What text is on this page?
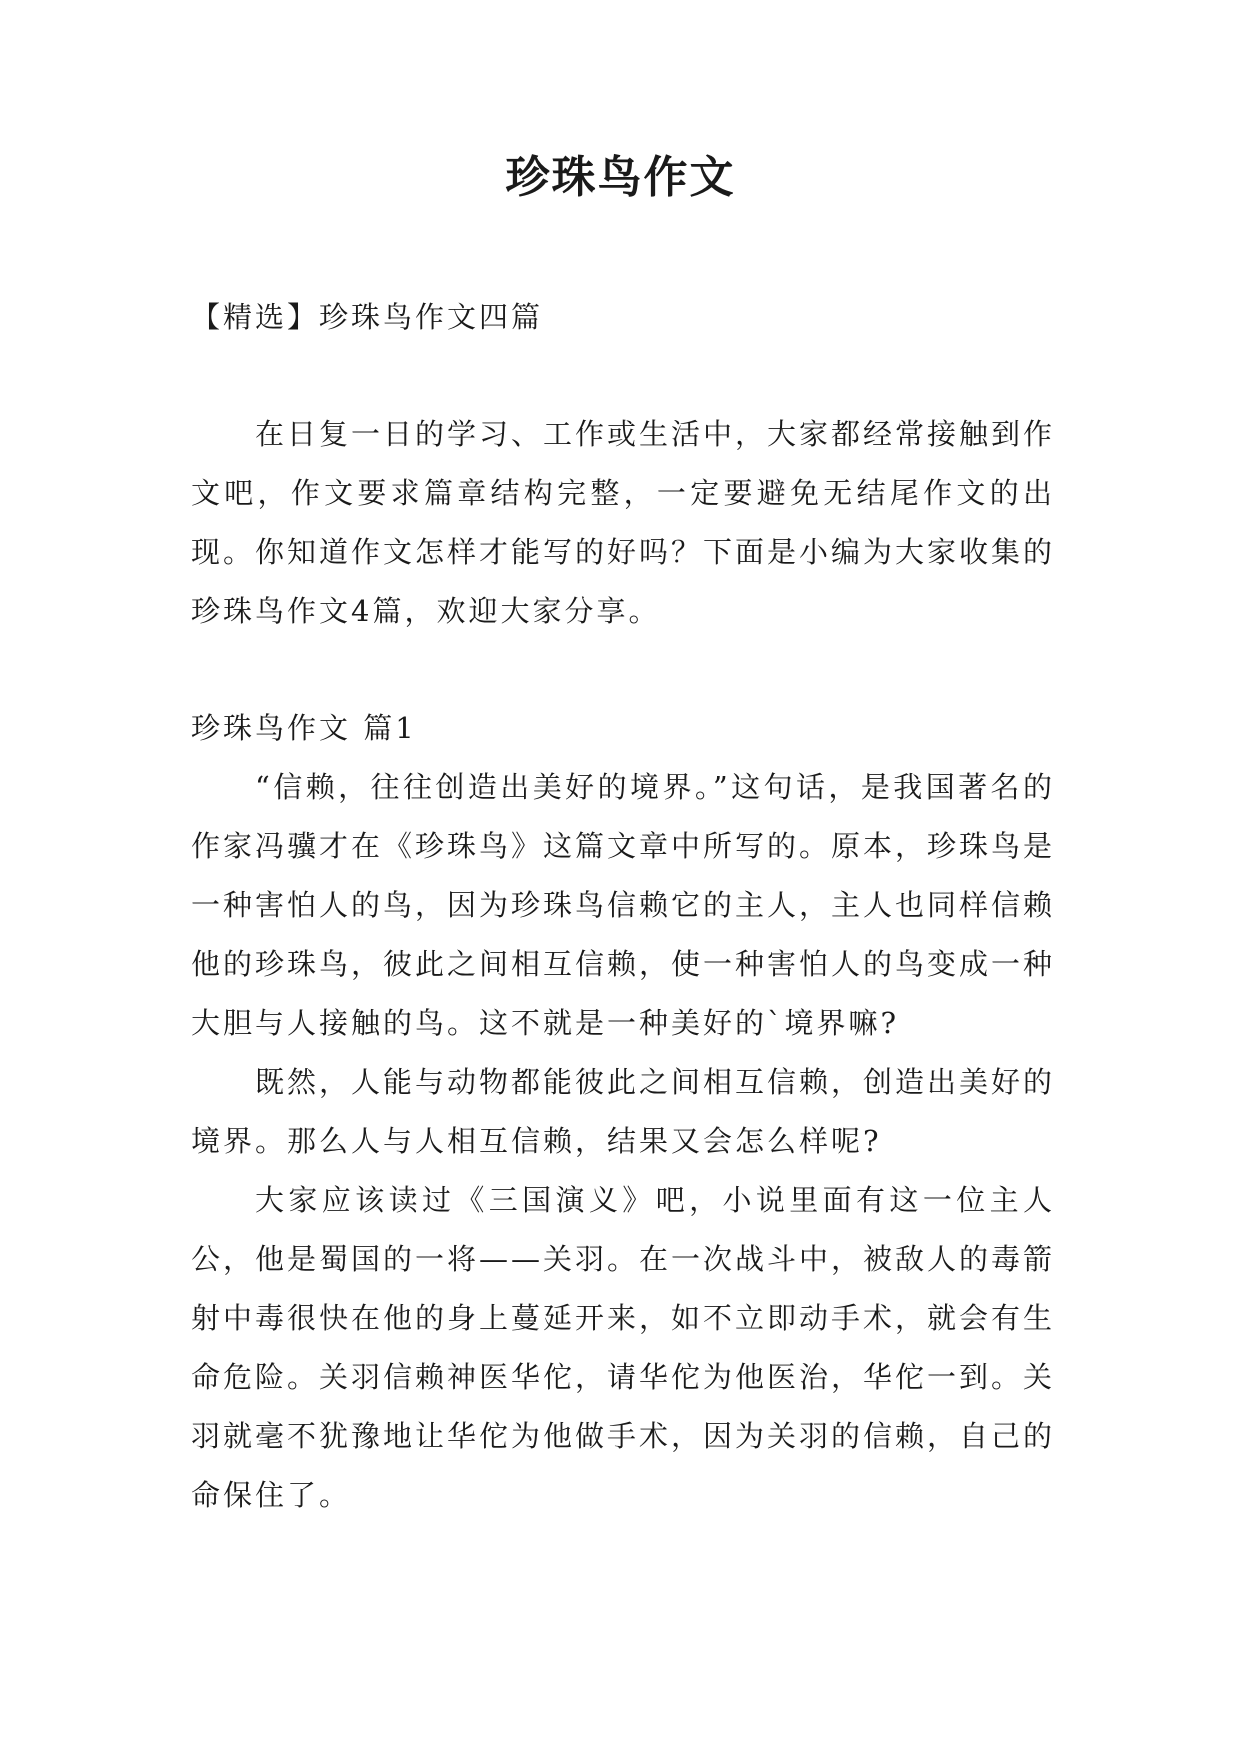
珍珠鸟作文

【精选】珍珠鸟作文四篇

在日复一日的学习、工作或生活中，大家都经常接触到作文吧，作文要求篇章结构完整，一定要避免无结尾作文的出现。你知道作文怎样才能写的好吗？下面是小编为大家收集的珍珠鸟作文4篇，欢迎大家分享。

珍珠鸟作文 篇1

“信赖，往往创造出美好的境界。”这句话，是我国著名的作家冯骥才在《珍珠鸟》这篇文章中所写的。原本，珍珠鸟是一种害怕人的鸟，因为珍珠鸟信赖它的主人，主人也同样信赖他的珍珠鸟，彼此之间相互信赖，使一种害怕人的鸟变成一种大胆与人接触的鸟。这不就是一种美好的`境界嘛?

既然，人能与动物都能彼此之间相互信赖，创造出美好的境界。那么人与人相互信赖，结果又会怎么样呢?

大家应该读过《三国演义》吧，小说里面有这一位主人公，他是蜀国的一将——关羽。在一次战斗中，被敌人的毒箭射中毒很快在他的身上蔓延开来，如不立即动手术，就会有生命危险。关羽信赖神医华佗，请华佗为他医治，华佗一到。关羽就毫不犹豫地让华佗为他做手术，因为关羽的信赖，自己的命保住了。
